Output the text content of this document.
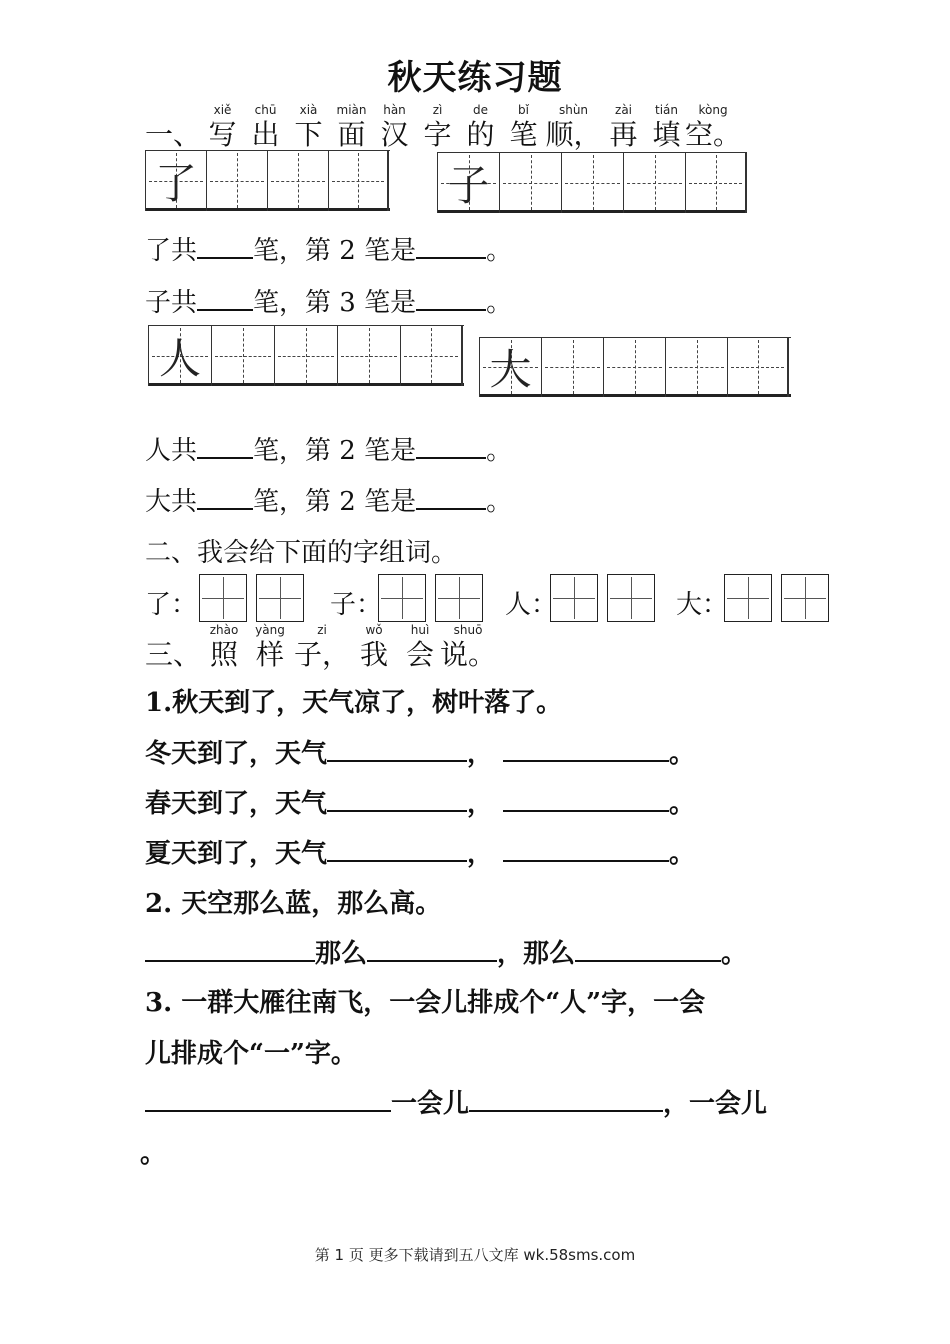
秋天练习题
一、
xiě
写
chū
出
xià
下
miàn
面
hàn
汉
zì
字
de
的
bǐ
笔
shùn
顺，
zài
再
tián
填
kòng
空。
了	子
了共 笔，第 2 笔是	。
子共 笔，第 3 笔是	。
人	大
人共 笔，第 2 笔是	。
大共 笔，第 2 笔是	。
二、我会给下面的字组词。
了：	子：	人：	大：
三、
zhào
照
yàng
样
zi
子，
wǒ
我
huì
会
shuō
说。
1.秋天到了，天气凉了，树叶落了。
冬天到了，天气	，	。
春天到了，天气	，	。
夏天到了，天气	，	。
2. 天空那么蓝，那么高。
那么	，那么	。
3. 一群大雁往南飞，一会儿排成个“人”字，一会
儿排成个“一”字。
一会儿	，一会儿
。
第 1 页 更多下载请到五八文库 wk.58sms.com
